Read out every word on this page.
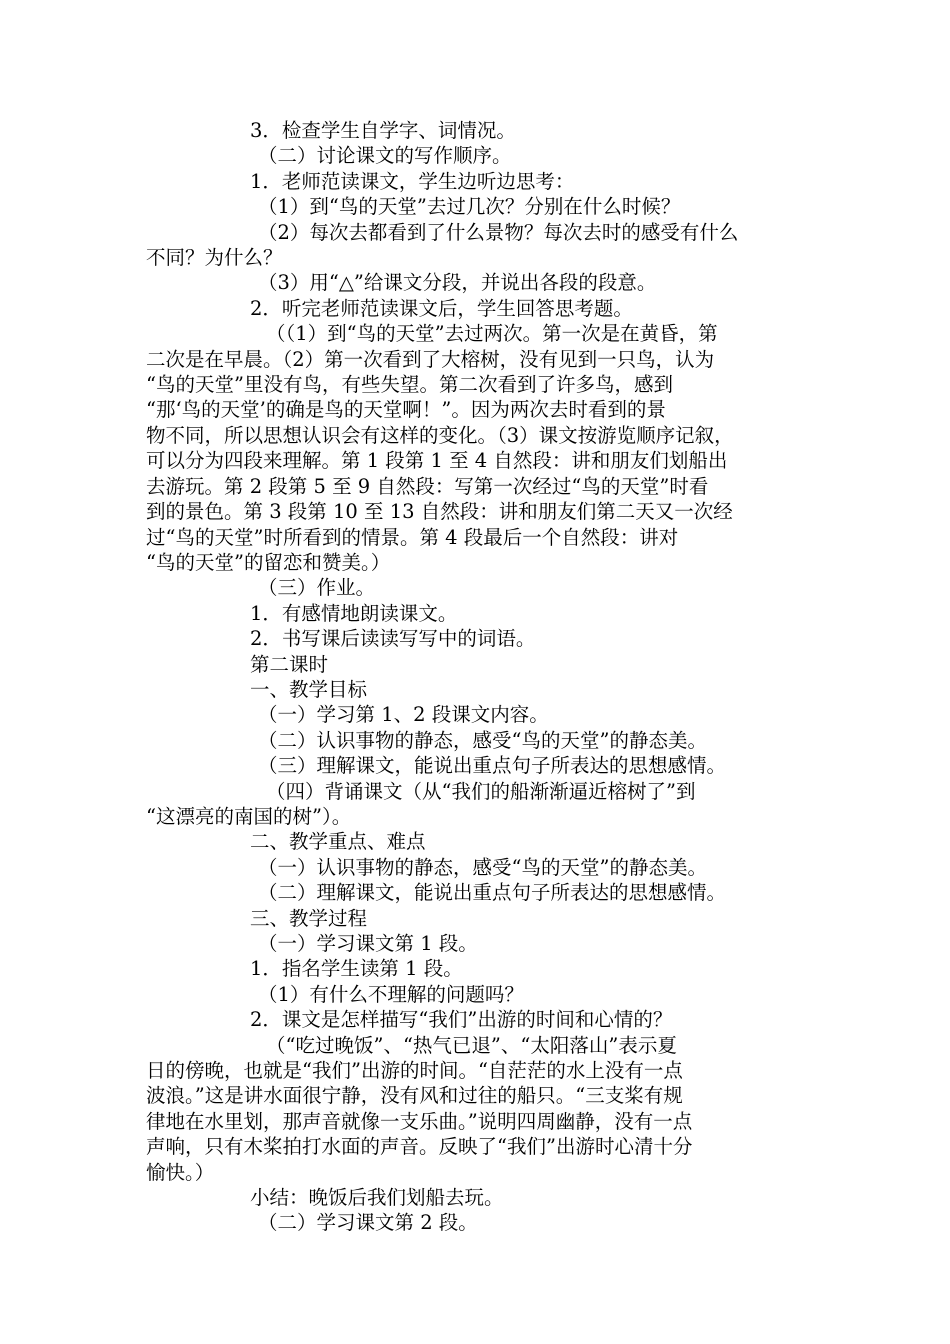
3．检查学生自学字、词情况。
（二）讨论课文的写作顺序。
1．老师范读课文，学生边听边思考：
（1）到“鸟的天堂”去过几次？分别在什么时候？
（2）每次去都看到了什么景物？每次去时的感受有什么
不同？为什么？
（3）用“△”给课文分段，并说出各段的段意。
2．听完老师范读课文后，学生回答思考题。
（（1）到“鸟的天堂”去过两次。第一次是在黄昏，第
二次是在早晨。（2）第一次看到了大榕树，没有见到一只鸟，认为
“鸟的天堂”里没有鸟，有些失望。第二次看到了许多鸟，感到
“那‘鸟的天堂’的确是鸟的天堂啊！”。因为两次去时看到的景
物不同，所以思想认识会有这样的变化。（3）课文按游览顺序记叙，
可以分为四段来理解。第 1 段第 1 至 4 自然段：讲和朋友们划船出
去游玩。第 2 段第 5 至 9 自然段：写第一次经过“鸟的天堂”时看
到的景色。第 3 段第 10 至 13 自然段：讲和朋友们第二天又一次经
过“鸟的天堂”时所看到的情景。第 4 段最后一个自然段：讲对
“鸟的天堂”的留恋和赞美。）
（三）作业。
1．有感情地朗读课文。
2．书写课后读读写写中的词语。
第二课时
一、教学目标
（一）学习第 1、2 段课文内容。
（二）认识事物的静态，感受“鸟的天堂”的静态美。
（三）理解课文，能说出重点句子所表达的思想感情。
（四）背诵课文（从“我们的船渐渐逼近榕树了”到
“这漂亮的南国的树”）。
二、教学重点、难点
（一）认识事物的静态，感受“鸟的天堂”的静态美。
（二）理解课文，能说出重点句子所表达的思想感情。
三、教学过程
（一）学习课文第 1 段。
1．指名学生读第 1 段。
（1）有什么不理解的问题吗？
2．课文是怎样描写“我们”出游的时间和心情的？
（“吃过晚饭”、“热气已退”、“太阳落山”表示夏
日的傍晚，也就是“我们”出游的时间。“自茫茫的水上没有一点
波浪。”这是讲水面很宁静，没有风和过往的船只。“三支桨有规
律地在水里划，那声音就像一支乐曲。”说明四周幽静，没有一点
声响，只有木桨拍打水面的声音。反映了“我们”出游时心清十分
愉快。）
小结：晚饭后我们划船去玩。
（二）学习课文第 2 段。
